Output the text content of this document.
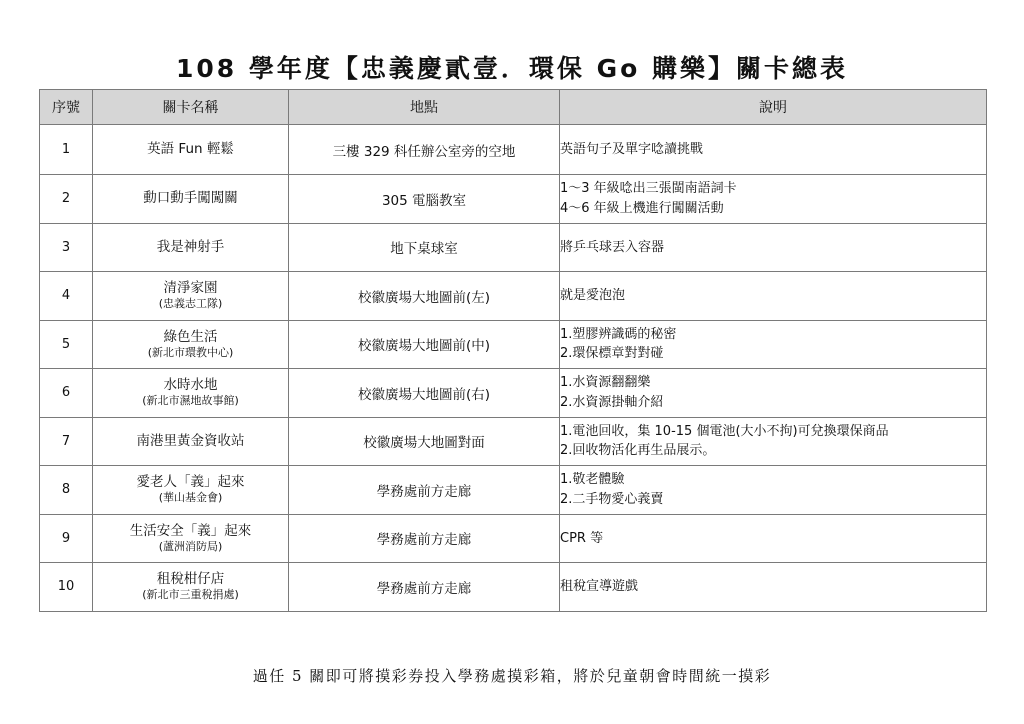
108 學年度【忠義慶貳壹．環保 Go 購樂】關卡總表
序號	關卡名稱	地點	說明
1	英語 Fun 輕鬆	三樓 329 科任辦公室旁的空地	英語句子及單字唸讀挑戰

2	動口動手闖闖關	305 電腦教室	1～3 年級唸出三張閩南語詞卡
4～6 年級上機進行闖關活動

3	我是神射手	地下桌球室	將乒乓球丟入容器

4	清淨家園
(忠義志工隊)	校徽廣場大地圖前(左)	就是愛泡泡

5	綠色生活
(新北市環教中心)	校徽廣場大地圖前(中)	1.塑膠辨識碼的秘密
2.環保標章對對碰

6	水時水地
(新北市濕地故事館)	校徽廣場大地圖前(右)	1.水資源翻翻樂
2.水資源掛軸介紹

7	南港里黃金資收站	校徽廣場大地圖對面	1.電池回收，集 10-15 個電池(大小不拘)可兌換環保商品
2.回收物活化再生品展示。

8	愛老人「義」起來
(華山基金會)	學務處前方走廊	1.敬老體驗
2.二手物愛心義賣

9	生活安全「義」起來
(蘆洲消防局)	學務處前方走廊	CPR 等

10	租稅柑仔店
(新北市三重稅捐處)	學務處前方走廊	租稅宣導遊戲

過任 5 關即可將摸彩券投入學務處摸彩箱，將於兒童朝會時間統一摸彩
